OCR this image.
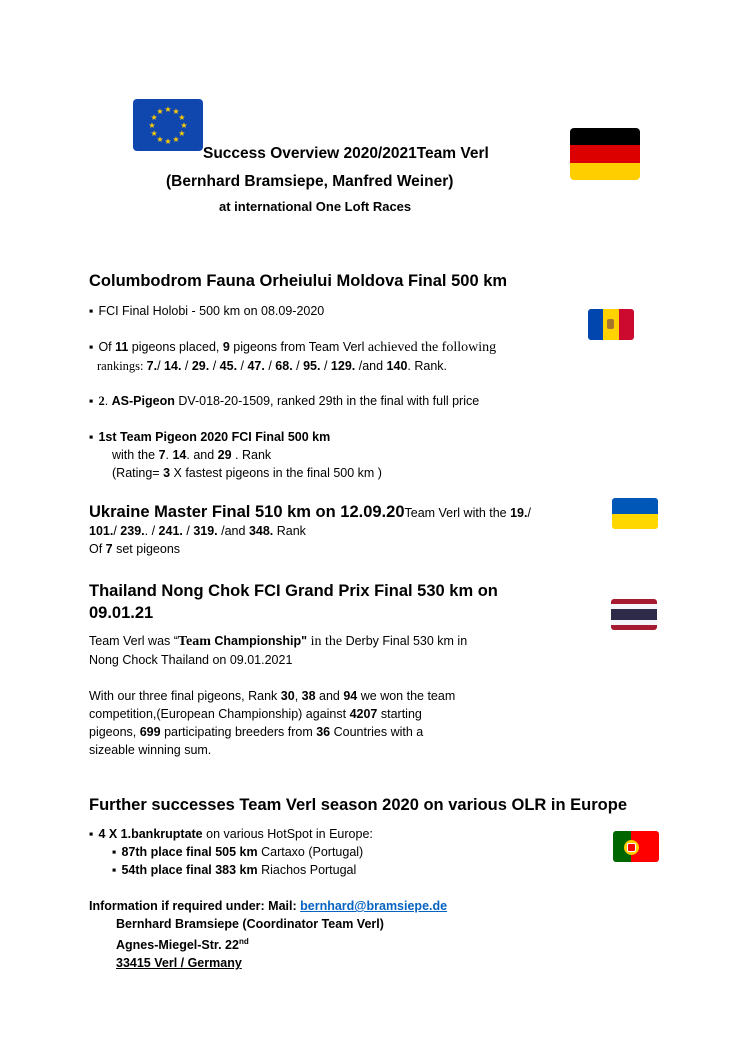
★ ★
★
★
★
★
★
★
★
★
★
★
Success Overview 2020/2021Team Verl
(Bernhard Bramsiepe, Manfred Weiner)
at international One Loft Races
Columbodrom Fauna Orheiului Moldova Final 500 km
▪ FCI Final Holobi - 500 km on 08.09-2020
▪ Of 11 pigeons placed, 9 pigeons from Team Verl achieved the following
rankings: 7./ 14. / 29. / 45. / 47. / 68. / 95. / 129. /and 140. Rank.
▪ 2. AS-Pigeon DV-018-20-1509, ranked 29th in the final with full price
▪ 1st Team Pigeon 2020 FCI Final 500 km
with the 7. 14. and 29 . Rank
(Rating= 3 X fastest pigeons in the final 500 km )
Ukraine Master Final 510 km on 12.09.20Team Verl with the 19./
101./ 239.. / 241. / 319. /and 348. Rank
Of 7 set pigeons
Thailand Nong Chok FCI Grand Prix Final 530 km on
09.01.21
Team Verl was “Team Championship" in the Derby Final 530 km in
Nong Chock Thailand on 09.01.2021
With our three final pigeons, Rank 30, 38 and 94 we won the team
competition,(European Championship) against 4207 starting
pigeons, 699 participating breeders from 36 Countries with a
sizeable winning sum.
Further successes Team Verl season 2020 on various OLR in Europe
▪ 4 X 1.bankruptate on various HotSpot in Europe:
▪ 87th place final 505 km Cartaxo (Portugal)
▪ 54th place final 383 km Riachos Portugal
Information if required under: Mail: bernhard@bramsiepe.de
Bernhard Bramsiepe (Coordinator Team Verl)
Agnes-Miegel-Str. 22nd
33415 Verl / Germany
